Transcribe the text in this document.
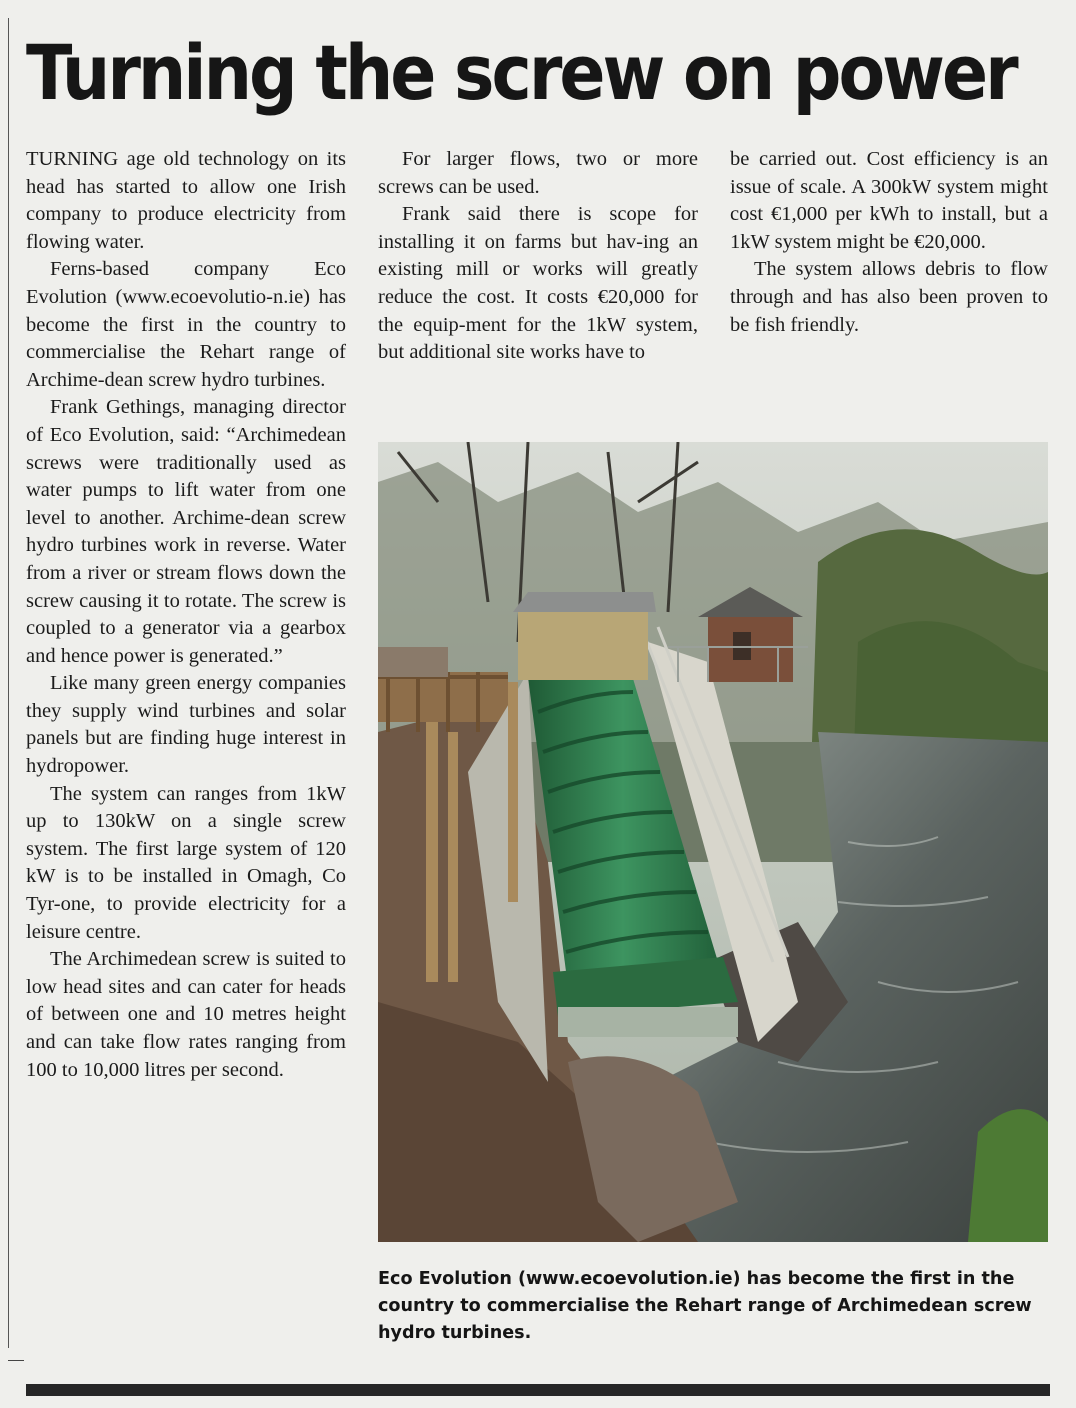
Turning the screw on power

TURNING age old technology on its head has started to allow one Irish company to produce electricity from flowing water.

Ferns-based company Eco Evolution (www.ecoevolutio-n.ie) has become the first in the country to commercialise the Rehart range of Archime-dean screw hydro turbines.

Frank Gethings, managing director of Eco Evolution, said: “Archimedean screws were traditionally used as water pumps to lift water from one level to another. Archime-dean screw hydro turbines work in reverse. Water from a river or stream flows down the screw causing it to rotate. The screw is coupled to a generator via a gearbox and hence power is generated.”

Like many green energy companies they supply wind turbines and solar panels but are finding huge interest in hydropower.

The system can ranges from 1kW up to 130kW on a single screw system. The first large system of 120 kW is to be installed in Omagh, Co Tyr-one, to provide electricity for a leisure centre.

The Archimedean screw is suited to low head sites and can cater for heads of between one and 10 metres height and can take flow rates ranging from 100 to 10,000 litres per second.

For larger flows, two or more screws can be used.

Frank said there is scope for installing it on farms but hav-ing an existing mill or works will greatly reduce the cost. It costs €20,000 for the equip-ment for the 1kW system, but additional site works have to

be carried out. Cost efficiency is an issue of scale. A 300kW system might cost €1,000 per kWh to install, but a 1kW system might be €20,000.

The system allows debris to flow through and has also been proven to be fish friendly.

Eco Evolution (www.ecoevolution.ie) has become the first in the country to commercialise the Rehart range of Archimedean screw hydro turbines.
